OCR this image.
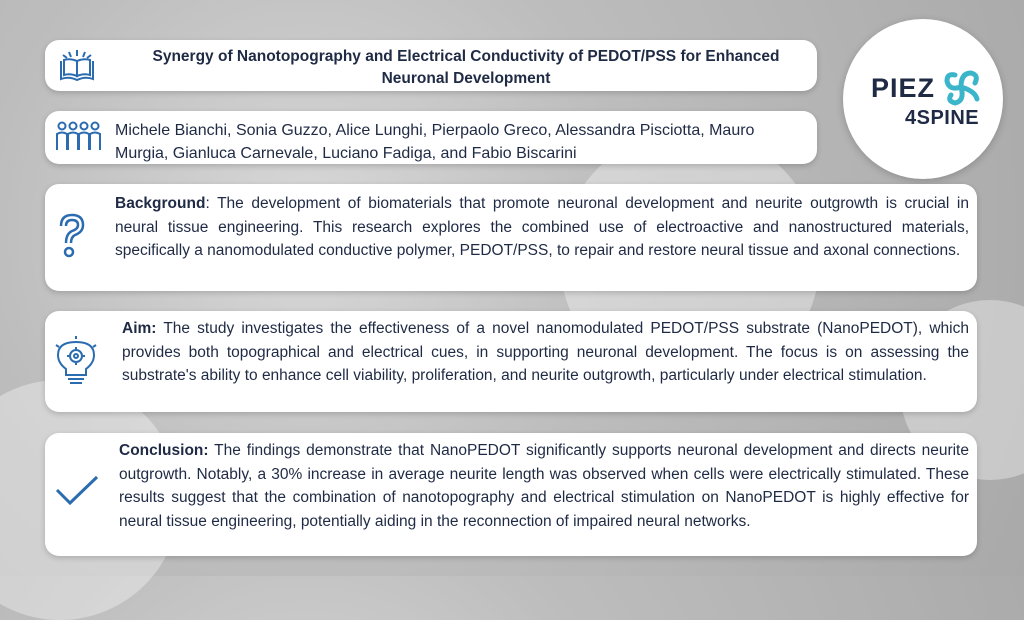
Synergy of Nanotopography and Electrical Conductivity of PEDOT/PSS for Enhanced Neuronal Development
Michele Bianchi, Sonia Guzzo, Alice Lunghi, Pierpaolo Greco, Alessandra Pisciotta, Mauro Murgia, Gianluca Carnevale, Luciano Fadiga, and Fabio Biscarini
PIEZ
4SPINE
Background: The development of biomaterials that promote neuronal development and neurite outgrowth is crucial in neural tissue engineering. This research explores the combined use of electroactive and nanostructured materials, specifically a nanomodulated conductive polymer, PEDOT/PSS, to repair and restore neural tissue and axonal connections.
Aim: The study investigates the effectiveness of a novel nanomodulated PEDOT/PSS substrate (NanoPEDOT), which provides both topographical and electrical cues, in supporting neuronal development. The focus is on assessing the substrate's ability to enhance cell viability, proliferation, and neurite outgrowth, particularly under electrical stimulation.
Conclusion: The findings demonstrate that NanoPEDOT significantly supports neuronal development and directs neurite outgrowth. Notably, a 30% increase in average neurite length was observed when cells were electrically stimulated. These results suggest that the combination of nanotopography and electrical stimulation on NanoPEDOT is highly effective for neural tissue engineering, potentially aiding in the reconnection of impaired neural networks.
